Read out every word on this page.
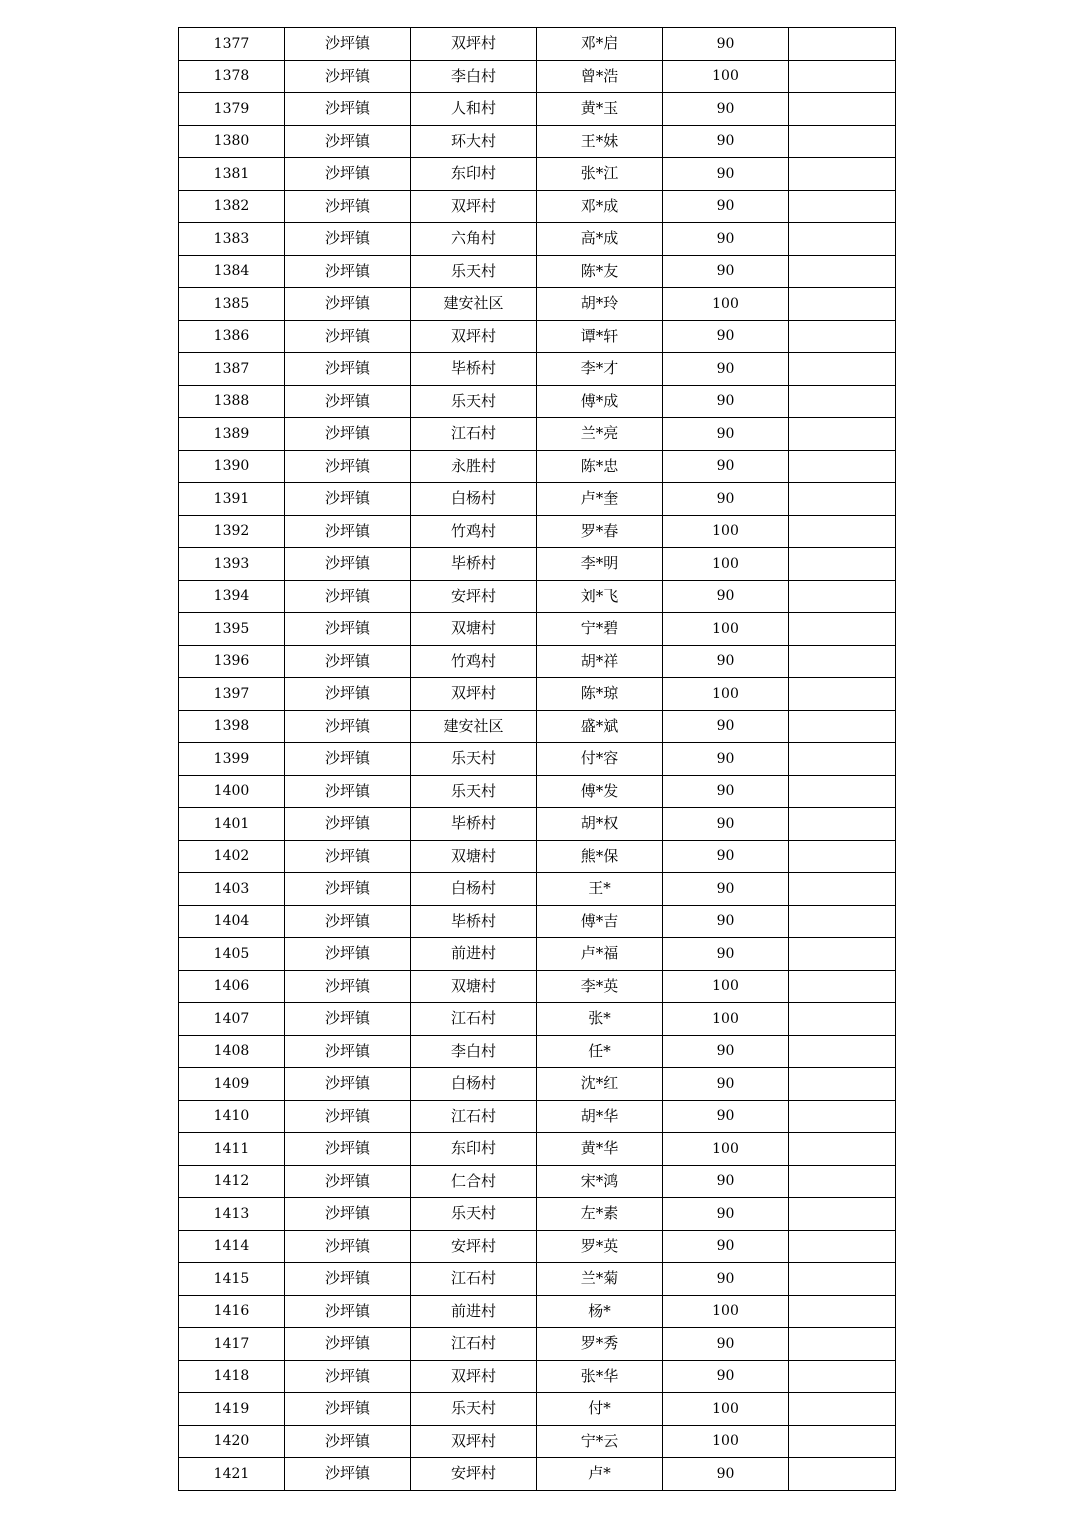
1377	沙坪镇	双坪村	邓*启	90	
1378	沙坪镇	李白村	曾*浩	100	
1379	沙坪镇	人和村	黄*玉	90	
1380	沙坪镇	环大村	王*妹	90	
1381	沙坪镇	东印村	张*江	90	
1382	沙坪镇	双坪村	邓*成	90	
1383	沙坪镇	六角村	高*成	90	
1384	沙坪镇	乐天村	陈*友	90	
1385	沙坪镇	建安社区	胡*玲	100	
1386	沙坪镇	双坪村	谭*轩	90	
1387	沙坪镇	毕桥村	李*才	90	
1388	沙坪镇	乐天村	傅*成	90	
1389	沙坪镇	江石村	兰*亮	90	
1390	沙坪镇	永胜村	陈*忠	90	
1391	沙坪镇	白杨村	卢*奎	90	
1392	沙坪镇	竹鸡村	罗*春	100	
1393	沙坪镇	毕桥村	李*明	100	
1394	沙坪镇	安坪村	刘*飞	90	
1395	沙坪镇	双塘村	宁*碧	100	
1396	沙坪镇	竹鸡村	胡*祥	90	
1397	沙坪镇	双坪村	陈*琼	100	
1398	沙坪镇	建安社区	盛*斌	90	
1399	沙坪镇	乐天村	付*容	90	
1400	沙坪镇	乐天村	傅*发	90	
1401	沙坪镇	毕桥村	胡*权	90	
1402	沙坪镇	双塘村	熊*保	90	
1403	沙坪镇	白杨村	王*	90	
1404	沙坪镇	毕桥村	傅*吉	90	
1405	沙坪镇	前进村	卢*福	90	
1406	沙坪镇	双塘村	李*英	100	
1407	沙坪镇	江石村	张*	100	
1408	沙坪镇	李白村	任*	90	
1409	沙坪镇	白杨村	沈*红	90	
1410	沙坪镇	江石村	胡*华	90	
1411	沙坪镇	东印村	黄*华	100	
1412	沙坪镇	仁合村	宋*鸿	90	
1413	沙坪镇	乐天村	左*素	90	
1414	沙坪镇	安坪村	罗*英	90	
1415	沙坪镇	江石村	兰*菊	90	
1416	沙坪镇	前进村	杨*	100	
1417	沙坪镇	江石村	罗*秀	90	
1418	沙坪镇	双坪村	张*华	90	
1419	沙坪镇	乐天村	付*	100	
1420	沙坪镇	双坪村	宁*云	100	
1421	沙坪镇	安坪村	卢*	90	
